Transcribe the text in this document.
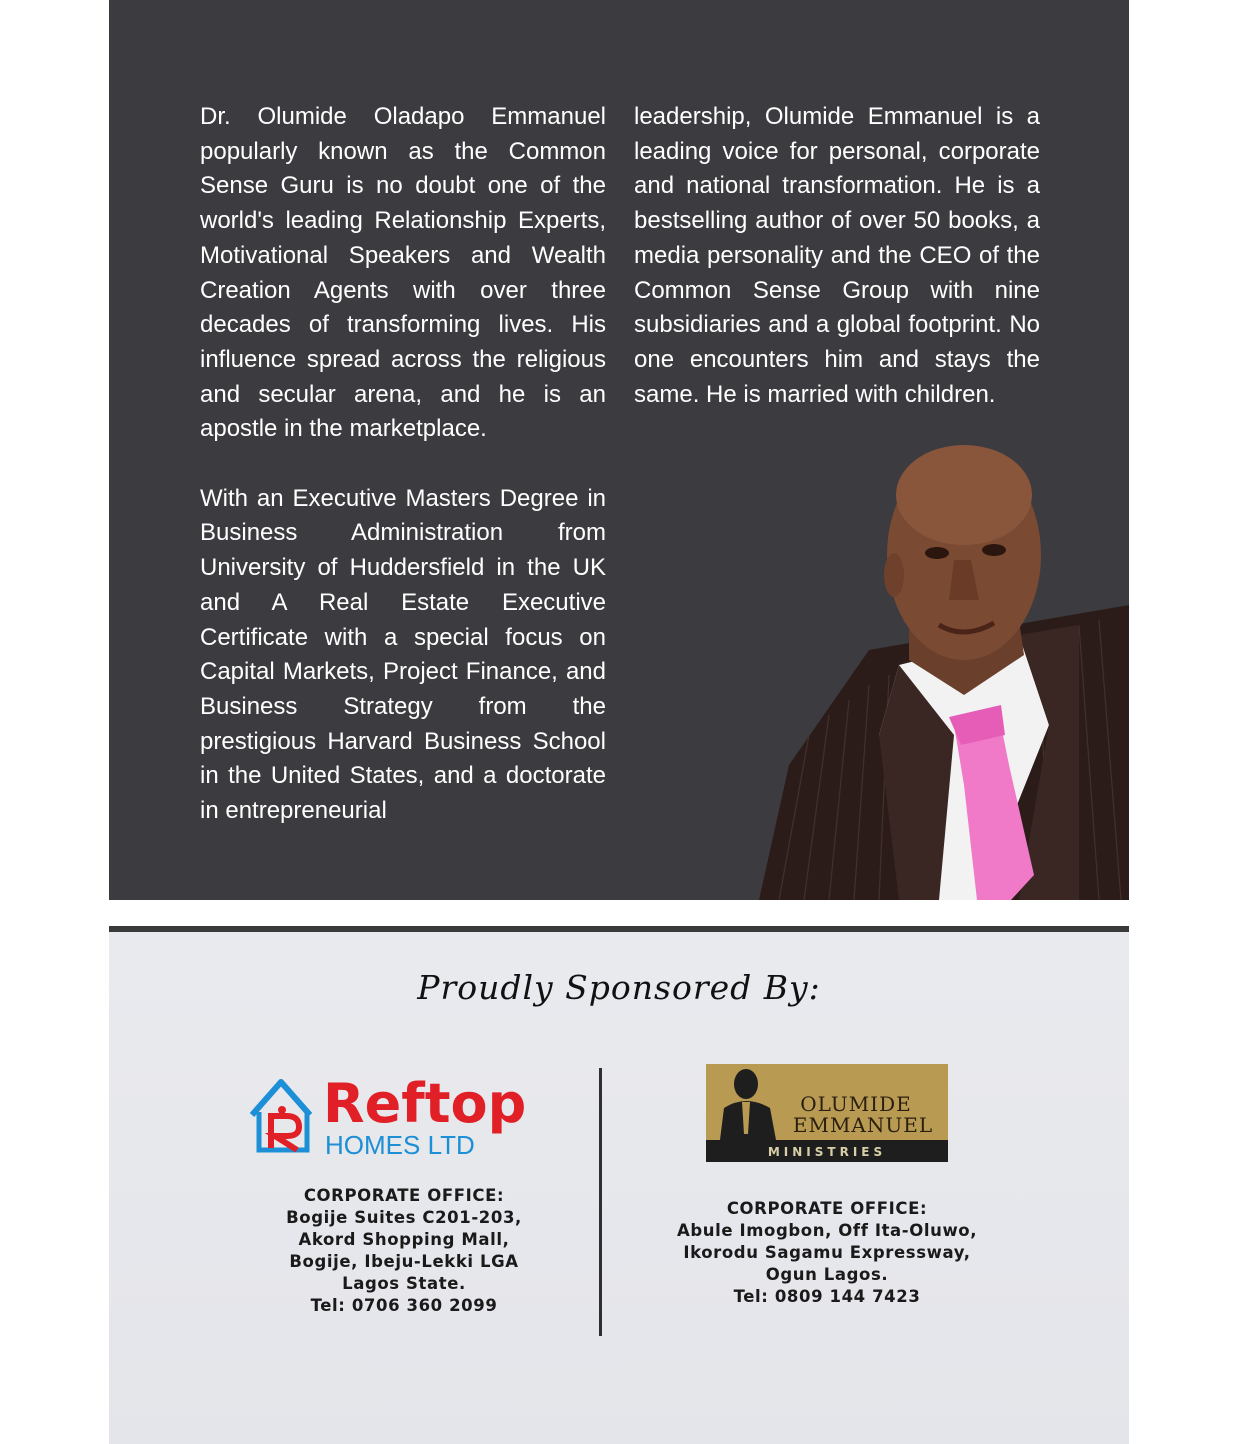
Dr. Olumide Oladapo Emmanuel popularly known as the Common Sense Guru is no doubt one of the world's leading Relationship Experts, Motivational Speakers and Wealth Creation Agents with over three decades of transforming lives. His influence spread across the religious and secular arena, and he is an apostle in the marketplace.

With an Executive Masters Degree in Business Administration from University of Huddersfield in the UK and A Real Estate Executive Certificate with a special focus on Capital Markets, Project Finance, and Business Strategy from the prestigious Harvard Business School in the United States, and a doctorate in entrepreneurial

leadership, Olumide Emmanuel is a leading voice for personal, corporate and national transformation. He is a bestselling author of over 50 books, a media personality and the CEO of the Common Sense Group with nine subsidiaries and a global footprint. No one encounters him and stays the same. He is married with children.

Proudly Sponsored By:
Reftop
HOMES LTD
OLUMIDE
EMMANUEL
MINISTRIES
CORPORATE OFFICE:
Bogije Suites C201-203,
Akord Shopping Mall,
Bogije, Ibeju-Lekki LGA
Lagos State.
Tel: 0706 360 2099
CORPORATE OFFICE:
Abule Imogbon, Off Ita-Oluwo,
Ikorodu Sagamu Expressway,
Ogun Lagos.
Tel: 0809 144 7423
